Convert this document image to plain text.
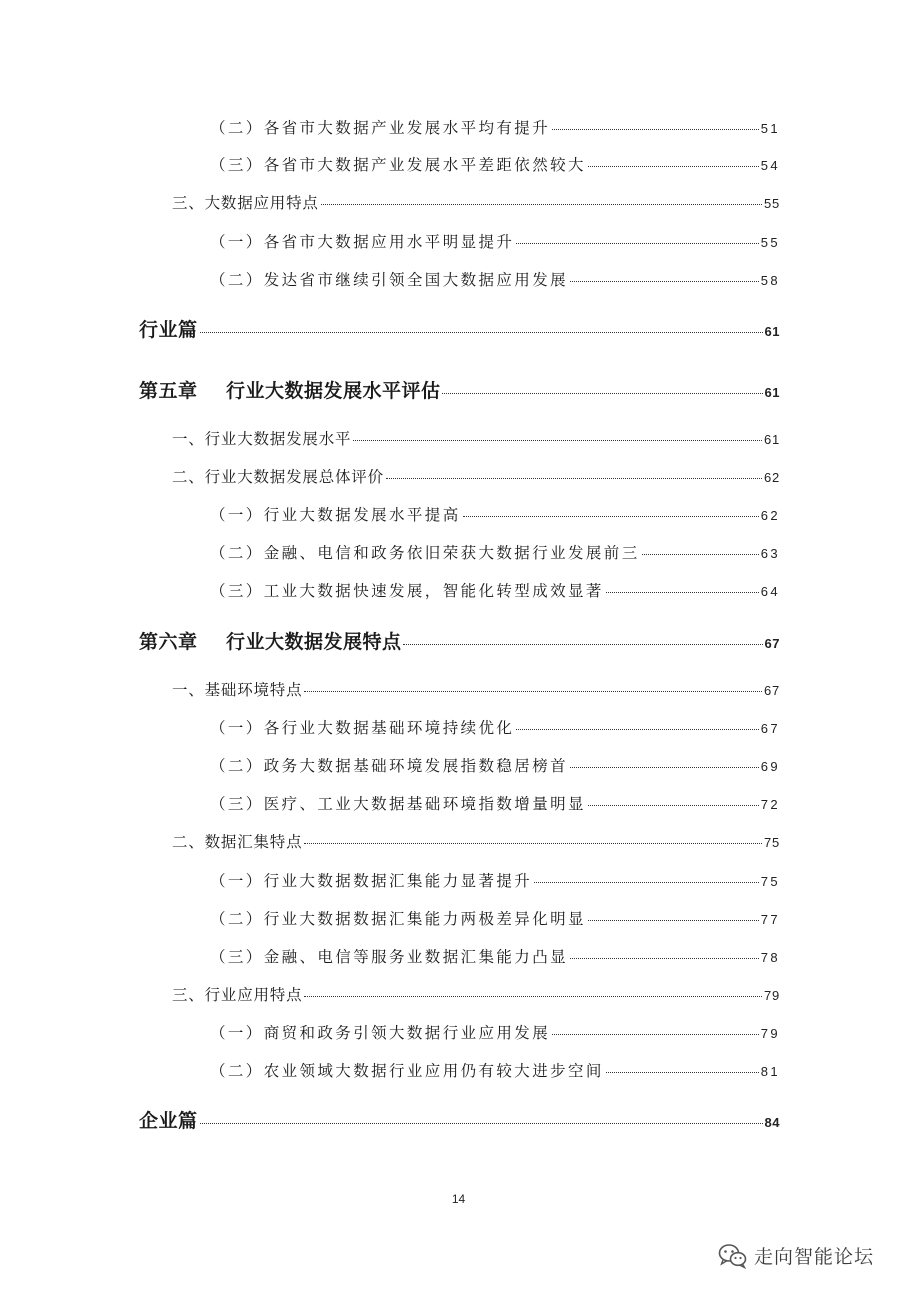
（二）各省市大数据产业发展水平均有提升	51
（三）各省市大数据产业发展水平差距依然较大	54
三、大数据应用特点	55
（一）各省市大数据应用水平明显提升	55
（二）发达省市继续引领全国大数据应用发展	58
行业篇	61
第五章    行业大数据发展水平评估	61
一、行业大数据发展水平	61
二、行业大数据发展总体评价	62
（一）行业大数据发展水平提高	62
（二）金融、电信和政务依旧荣获大数据行业发展前三	63
（三）工业大数据快速发展，智能化转型成效显著	64
第六章    行业大数据发展特点	67
一、基础环境特点	67
（一）各行业大数据基础环境持续优化	67
（二）政务大数据基础环境发展指数稳居榜首	69
（三）医疗、工业大数据基础环境指数增量明显	72
二、数据汇集特点	75
（一）行业大数据数据汇集能力显著提升	75
（二）行业大数据数据汇集能力两极差异化明显	77
（三）金融、电信等服务业数据汇集能力凸显	78
三、行业应用特点	79
（一）商贸和政务引领大数据行业应用发展	79
（二）农业领域大数据行业应用仍有较大进步空间	81
企业篇	84
14
走向智能论坛
